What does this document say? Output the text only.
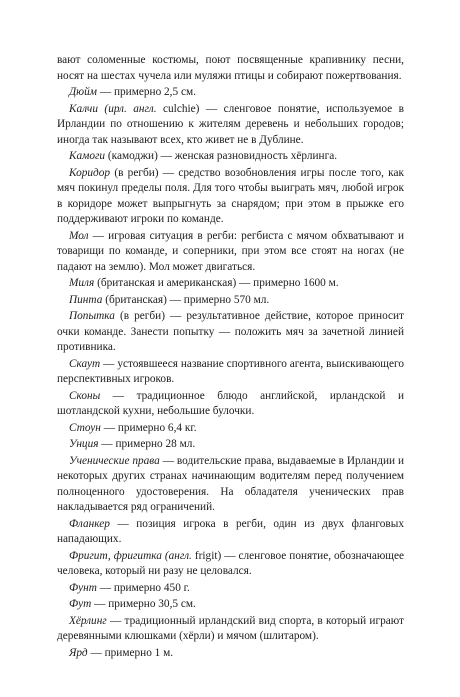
вают соломенные костюмы, поют посвященные крапивнику песни, носят на шестах чучела или муляжи птицы и собирают пожертвования.

Дюйм — примерно 2,5 см.

Калчи (ирл. англ. culchie) — сленговое понятие, используемое в Ирландии по отношению к жителям деревень и небольших городов; иногда так называют всех, кто живет не в Дублине.

Камоги (камоджи) — женская разновидность хёрлинга.

Коридор (в регби) — средство возобновления игры после того, как мяч покинул пределы поля. Для того чтобы выиграть мяч, любой игрок в коридоре может выпрыгнуть за снарядом; при этом в прыжке его поддерживают игроки по команде.

Мол — игровая ситуация в регби: регбиста с мячом обхватывают и товарищи по команде, и соперники, при этом все стоят на ногах (не падают на землю). Мол может двигаться.

Миля (британская и американская) — примерно 1600 м.

Пинта (британская) — примерно 570 мл.

Попытка (в регби) — результативное действие, которое приносит очки команде. Занести попытку — положить мяч за зачетной линией противника.

Скаут — устоявшееся название спортивного агента, выискивающего перспективных игроков.

Сконы — традиционное блюдо английской, ирландской и шотландской кухни, небольшие булочки.

Стоун — примерно 6,4 кг.

Унция — примерно 28 мл.

Ученические права — водительские права, выдаваемые в Ирландии и некоторых других странах начинающим водителям перед получением полноценного удостоверения. На обладателя ученических прав накладывается ряд ограничений.

Фланкер — позиция игрока в регби, один из двух фланговых нападающих.

Фригит, фригитка (англ. frigit) — сленговое понятие, обозначающее человека, который ни разу не целовался.

Фунт — примерно 450 г.

Фут — примерно 30,5 см.

Хёрлинг — традиционный ирландский вид спорта, в который играют деревянными клюшками (хёрли) и мячом (шлитаром).

Ярд — примерно 1 м.
